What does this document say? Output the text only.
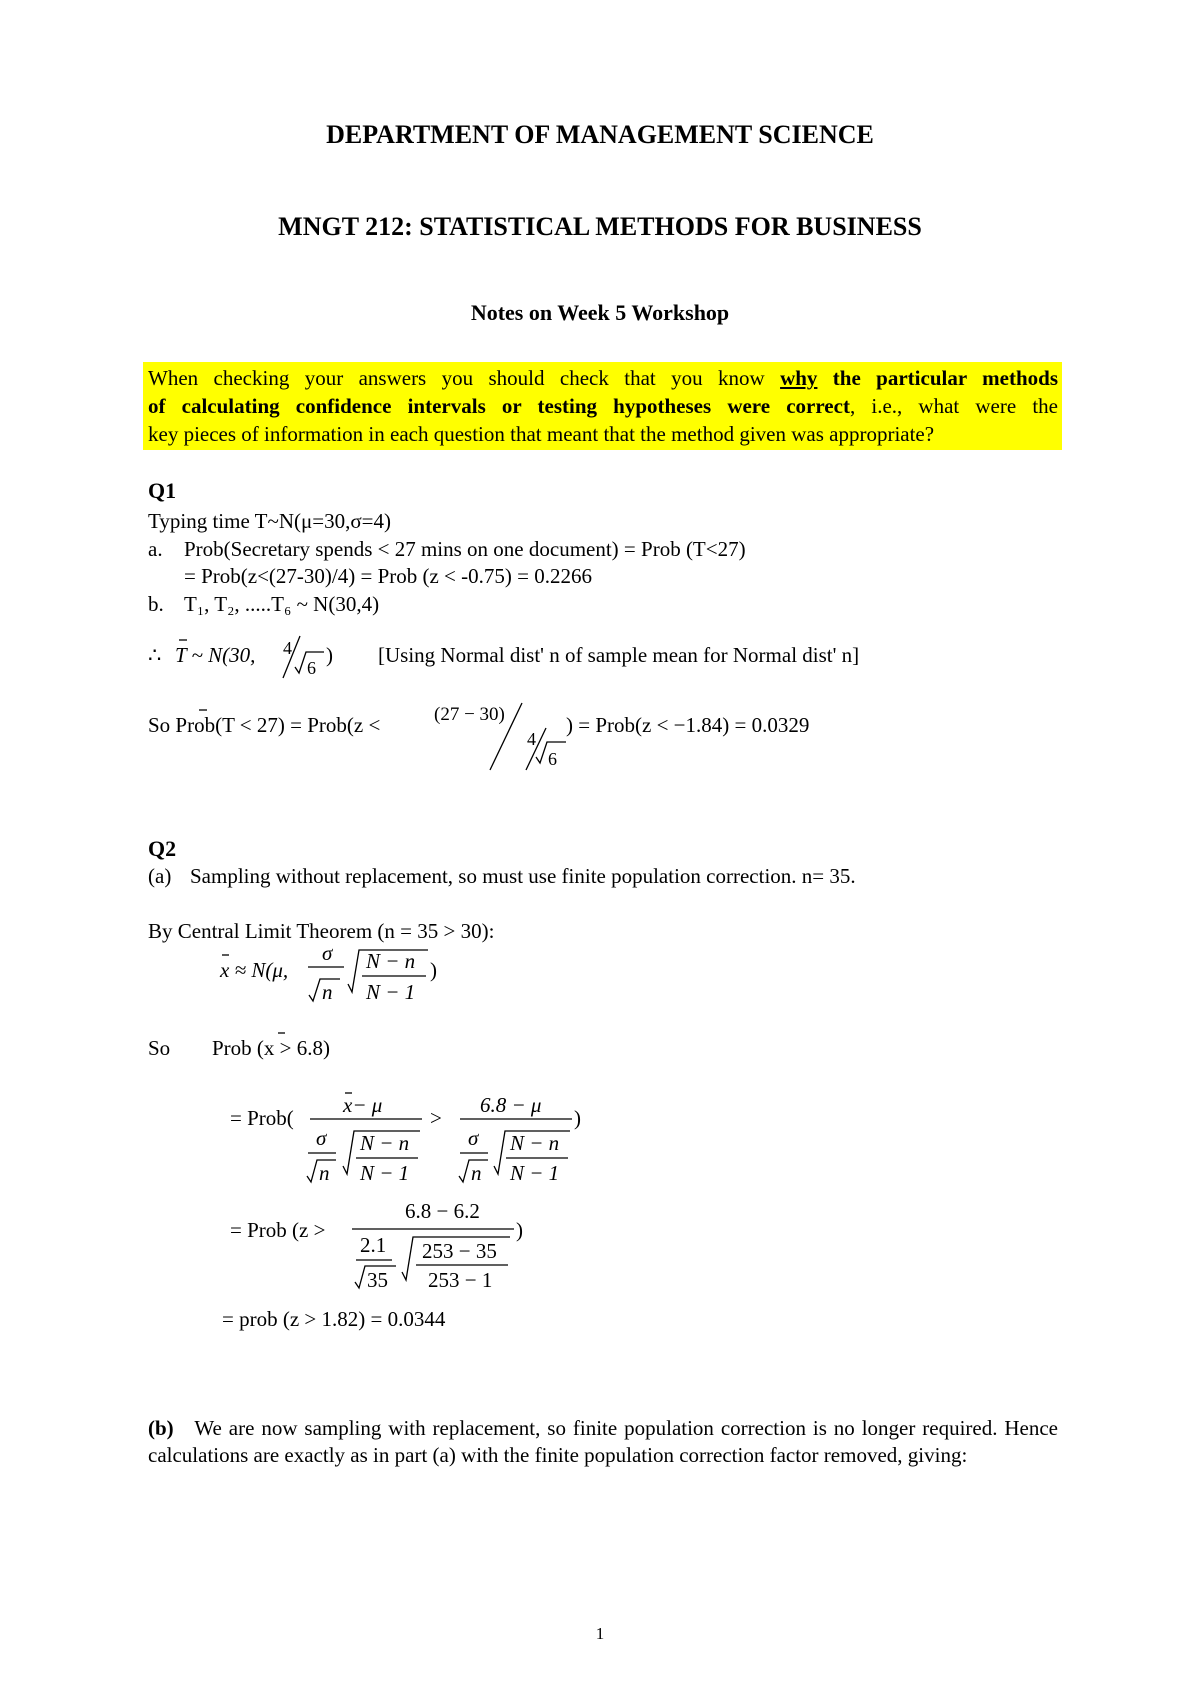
DEPARTMENT OF MANAGEMENT SCIENCE
MNGT 212: STATISTICAL METHODS FOR BUSINESS
Notes on Week 5 Workshop
When checking your answers you should check that you know why the particular methods
of calculating confidence intervals or testing hypotheses were correct, i.e., what were the
key pieces of information in each question that meant that the method given was appropriate?
Q1
Typing time T~N(μ=30,σ=4)
a. Prob(Secretary spends < 27 mins on one document) = Prob (T<27)
= Prob(z<(27-30)/4) = Prob (z < -0.75) = 0.2266
b. T₁, T₂, .....T₆ ~ N(30,4)
∴ T ~ N(30, 4
6
) [Using Normal dist' n of sample mean for Normal dist' n]
So Prob(T < 27) = Prob(z <	(27 − 30)
4
6
) = Prob(z < −1.84) = 0.0329
Q2
(a) Sampling without replacement, so must use finite population correction. n= 35.
By Central Limit Theorem (n = 35 > 30):
x ≈ N(μ,
σ
n
N − n
N − 1
)
So Prob (x > 6.8)
= Prob(
x− μ
σ
n
N − n
N − 1
>
6.8 − μ
σ
n
N − n
N − 1
)
= Prob (z >
6.8 − 6.2
2.1
35
253 − 35
253 − 1
)
= prob (z > 1.82) = 0.0344
(b) We are now sampling with replacement, so finite population correction is no longer required. Hence calculations are exactly as in part (a) with the finite population correction factor removed, giving:
1
